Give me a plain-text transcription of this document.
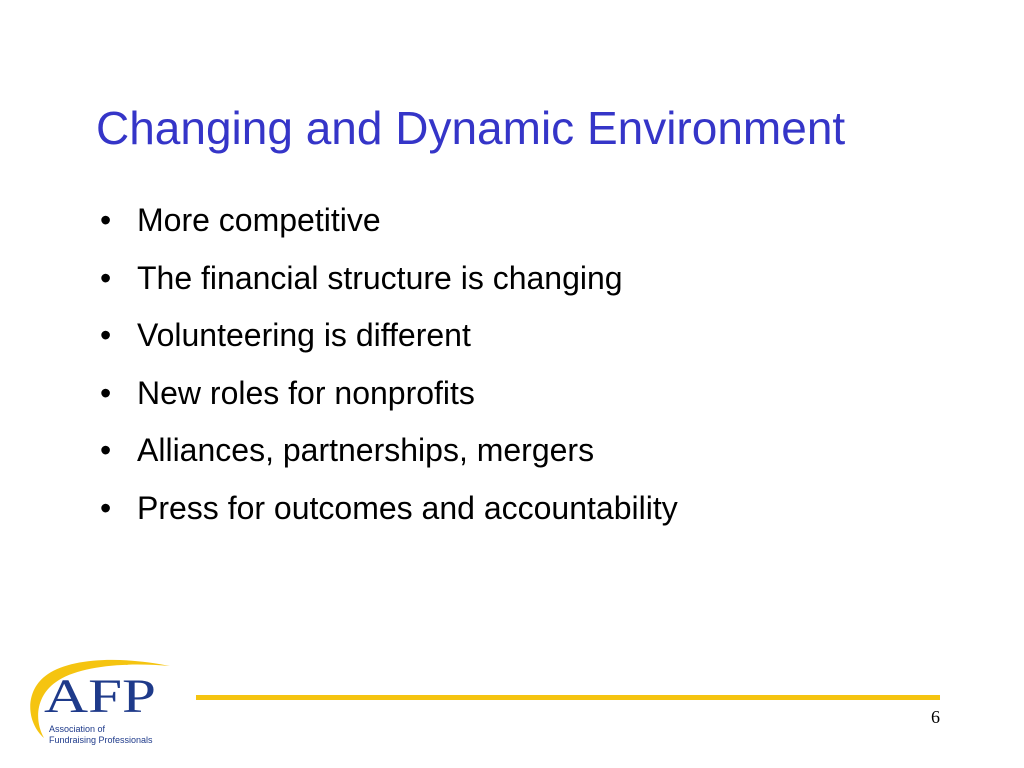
Changing and Dynamic Environment
• More competitive
• The financial structure is changing
• Volunteering is different
• New roles for nonprofits
• Alliances, partnerships, mergers
• Press for outcomes and accountability
AFP
Association of
Fundraising Professionals
6
